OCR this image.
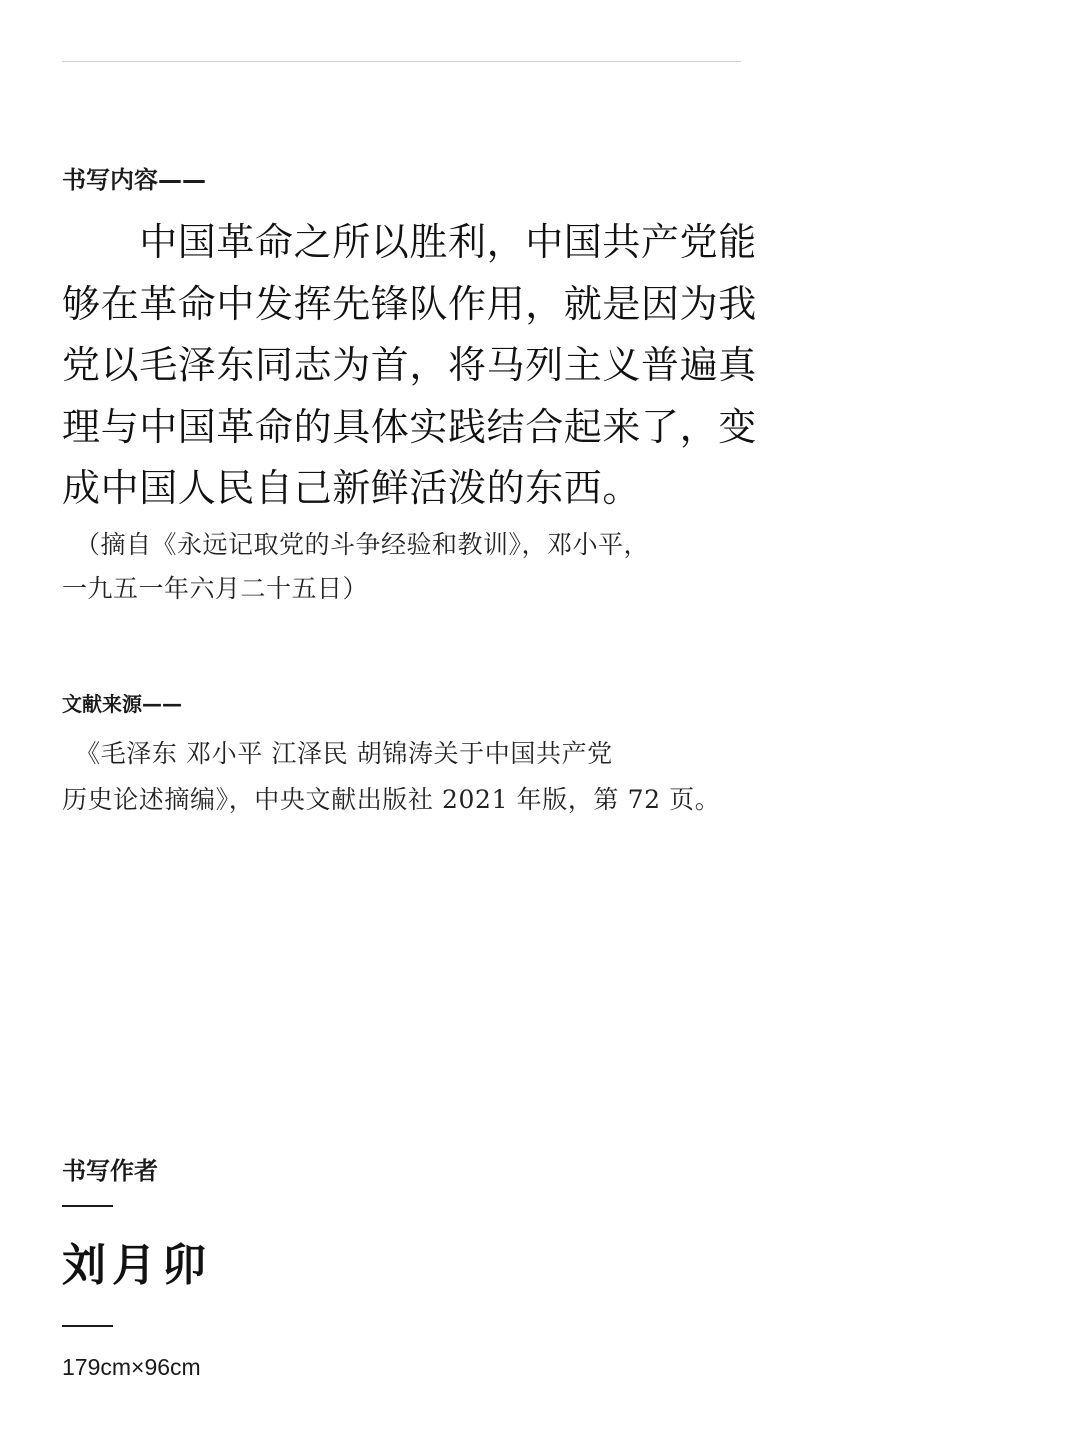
书写内容——
　　中国革命之所以胜利，中国共产党能
够在革命中发挥先锋队作用，就是因为我
党以毛泽东同志为首，将马列主义普遍真
理与中国革命的具体实践结合起来了，变
成中国人民自己新鲜活泼的东西。
　（摘自《永远记取党的斗争经验和教训》，邓小平，
一九五一年六月二十五日）
文献来源——
　《毛泽东 邓小平 江泽民 胡锦涛关于中国共产党
历史论述摘编》，中央文献出版社 2021 年版，第 72 页。
书写作者
刘月卯
179cm×96cm
